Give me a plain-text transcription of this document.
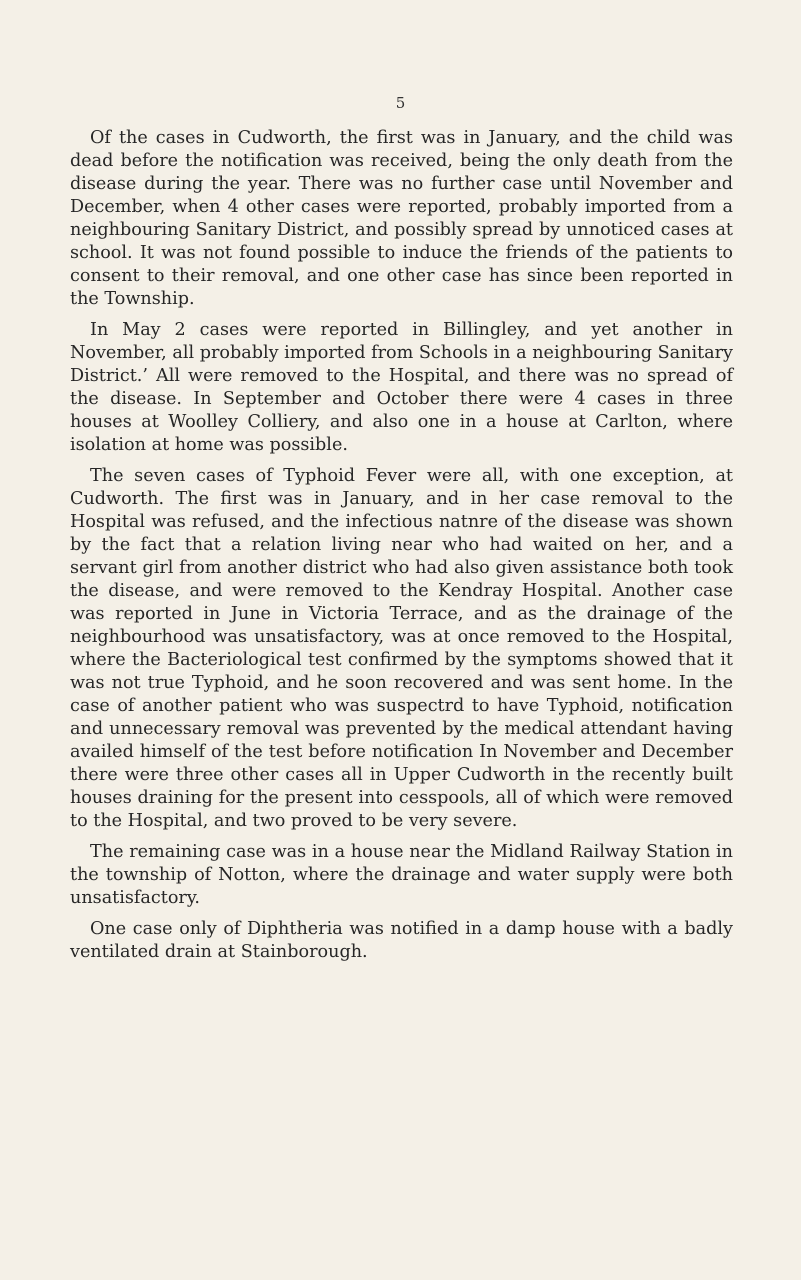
5

Of the cases in Cudworth, the first was in January, and the child was dead before the notification was received, being the only death from the disease during the year. There was no further case until November and December, when 4 other cases were reported, probably imported from a neighbouring Sanitary District, and possibly spread by unnoticed cases at school. It was not found possible to induce the friends of the patients to consent to their removal, and one other case has since been reported in the Township.

In May 2 cases were reported in Billingley, and yet another in November, all probably imported from Schools in a neighbouring Sanitary District.’ All were removed to the Hospital, and there was no spread of the disease. In September and October there were 4 cases in three houses at Woolley Colliery, and also one in a house at Carlton, where isolation at home was possible.

The seven cases of Typhoid Fever were all, with one exception, at Cudworth. The first was in January, and in her case removal to the Hospital was refused, and the infectious natnre of the disease was shown by the fact that a relation living near who had waited on her, and a servant girl from another district who had also given assistance both took the disease, and were removed to the Kendray Hospital. Another case was reported in June in Victoria Terrace, and as the drainage of the neighbourhood was unsatisfactory, was at once removed to the Hospital, where the Bacteriological test confirmed by the symptoms showed that it was not true Typhoid, and he soon recovered and was sent home. In the case of another patient who was suspectrd to have Typhoid, notification and unnecessary removal was prevented by the medical attendant having availed himself of the test before notification In November and December there were three other cases all in Upper Cudworth in the recently built houses draining for the present into cesspools, all of which were removed to the Hospital, and two proved to be very severe.

The remaining case was in a house near the Midland Railway Station in the township of Notton, where the drainage and water supply were both unsatisfactory.

One case only of Diphtheria was notified in a damp house with a badly ventilated drain at Stainborough.
